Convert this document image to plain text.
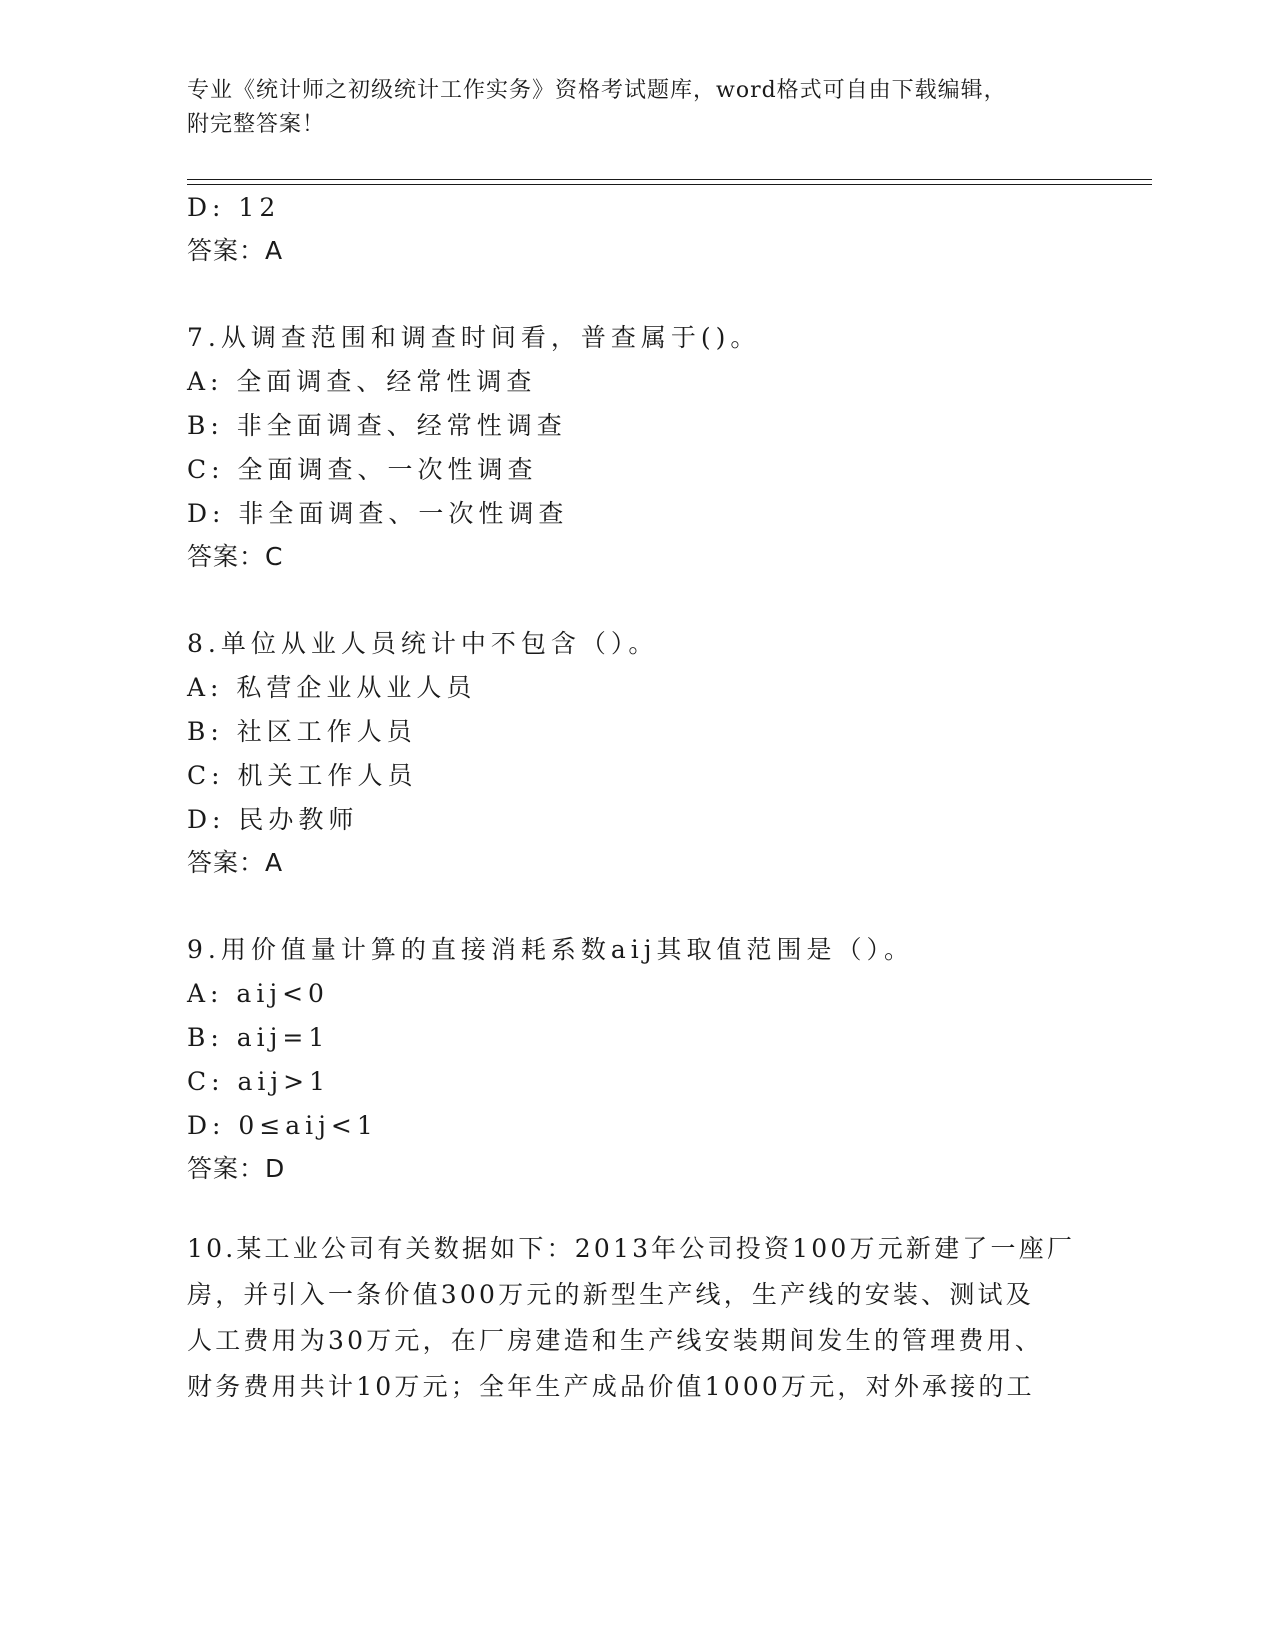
专业《统计师之初级统计工作实务》资格考试题库，word格式可自由下载编辑，
附完整答案！
D: 12
答案：A
7.从调查范围和调查时间看，普查属于()。
A: 全面调查、经常性调查
B: 非全面调查、经常性调查
C: 全面调查、一次性调查
D: 非全面调查、一次性调查
答案：C
8.单位从业人员统计中不包含（）。
A: 私营企业从业人员
B: 社区工作人员
C: 机关工作人员
D: 民办教师
答案：A
9.用价值量计算的直接消耗系数aij其取值范围是（）。
A: aij<0
B: aij=1
C: aij>1
D: 0≤aij<1
答案：D
10.某工业公司有关数据如下：2013年公司投资100万元新建了一座厂
房，并引入一条价值300万元的新型生产线，生产线的安装、测试及
人工费用为30万元，在厂房建造和生产线安装期间发生的管理费用、
财务费用共计10万元；全年生产成品价值1000万元，对外承接的工
